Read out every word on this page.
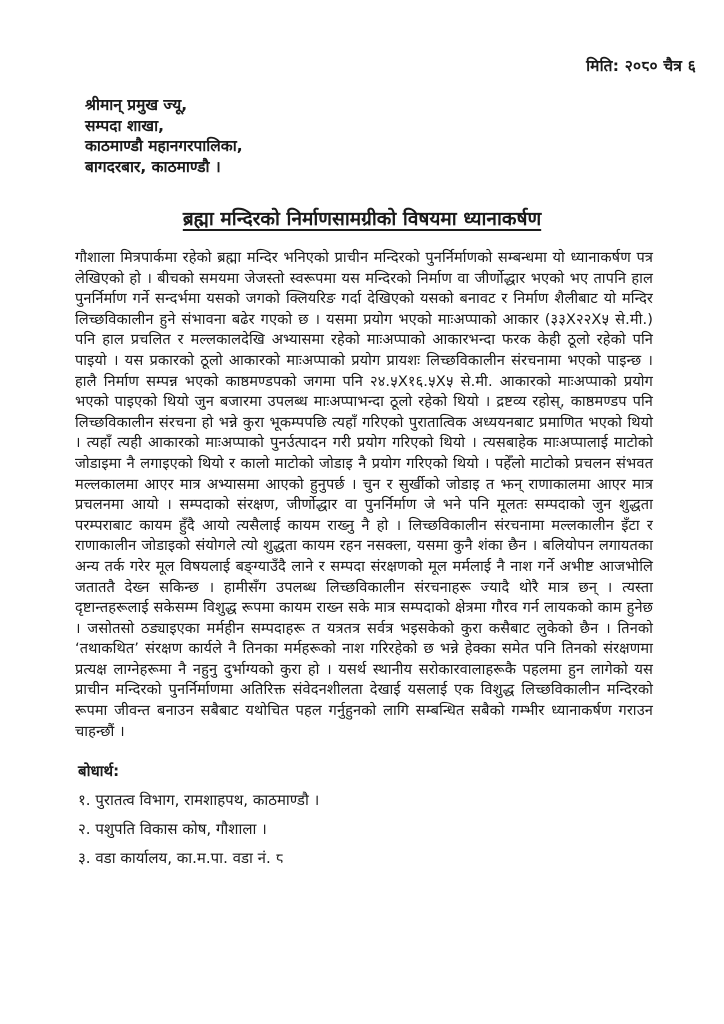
मिति: २०८० चैत्र ६
श्रीमान् प्रमुख ज्यू,
सम्पदा शाखा,
काठमाण्डौ महानगरपालिका,
बागदरबार, काठमाण्डौ ।
ब्रह्मा मन्दिरको निर्माणसामग्रीको विषयमा ध्यानाकर्षण

गौशाला मित्रपार्कमा रहेको ब्रह्मा मन्दिर भनिएको प्राचीन मन्दिरको पुनर्निर्माणको सम्बन्धमा यो ध्यानाकर्षण पत्र लेखिएको हो । बीचको समयमा जेजस्तो स्वरूपमा यस मन्दिरको निर्माण वा जीर्णोद्धार भएको भए तापनि हाल पुनर्निर्माण गर्ने सन्दर्भमा यसको जगको क्लियरिङ गर्दा देखिएको यसको बनावट र निर्माण शैलीबाट यो मन्दिर लिच्छविकालीन हुने संभावना बढेर गएको छ । यसमा प्रयोग भएको माःअप्पाको आकार (३३X२२X५ से.मी.) पनि हाल प्रचलित र मल्लकालदेखि अभ्यासमा रहेको माःअप्पाको आकारभन्दा फरक केही ठूलो रहेको पनि पाइयो । यस प्रकारको ठूलो आकारको माःअप्पाको प्रयोग प्रायशः लिच्छविकालीन संरचनामा भएको पाइन्छ । हालै निर्माण सम्पन्न भएको काष्ठमण्डपको जगमा पनि २४.५X१६.५X५ से.मी. आकारको माःअप्पाको प्रयोग भएको पाइएको थियो जुन बजारमा उपलब्ध माःअप्पाभन्दा ठूलो रहेको थियो । द्रष्टव्य रहोस्, काष्ठमण्डप पनि लिच्छविकालीन संरचना हो भन्ने कुरा भूकम्पपछि त्यहाँ गरिएको पुरातात्विक अध्ययनबाट प्रमाणित भएको थियो । त्यहाँ त्यही आकारको माःअप्पाको पुनर्उत्पादन गरी प्रयोग गरिएको थियो । त्यसबाहेक माःअप्पालाई माटोको जोडाइमा नै लगाइएको थियो र कालो माटोको जोडाइ नै प्रयोग गरिएको थियो । पहेँलो माटोको प्रचलन संभवत मल्लकालमा आएर मात्र अभ्यासमा आएको हुनुपर्छ । चुन र सुर्खीको जोडाइ त झन् राणाकालमा आएर मात्र प्रचलनमा आयो । सम्पदाको संरक्षण, जीर्णोद्धार वा पुनर्निर्माण जे भने पनि मूलतः सम्पदाको जुन शुद्धता परम्पराबाट कायम हुँदै आयो त्यसैलाई कायम राख्नु नै हो । लिच्छविकालीन संरचनामा मल्लकालीन इँटा र राणाकालीन जोडाइको संयोगले त्यो शुद्धता कायम रहन नसक्ला, यसमा कुनै शंका छैन । बलियोपन लगायतका अन्य तर्क गरेर मूल विषयलाई बङ्ग्याउँदै लाने र सम्पदा संरक्षणको मूल मर्मलाई नै नाश गर्ने अभीष्ट आजभोलि जताततै देख्न सकिन्छ । हामीसँग उपलब्ध लिच्छविकालीन संरचनाहरू ज्यादै थोरै मात्र छन् । त्यस्ता दृष्टान्तहरूलाई सकेसम्म विशुद्ध रूपमा कायम राख्न सके मात्र सम्पदाको क्षेत्रमा गौरव गर्न लायकको काम हुनेछ । जसोतसो ठड्याइएका मर्महीन सम्पदाहरू त यत्रतत्र सर्वत्र भइसकेको कुरा कसैबाट लुकेको छैन । तिनको ‘तथाकथित’ संरक्षण कार्यले नै तिनका मर्महरूको नाश गरिरहेको छ भन्ने हेक्का समेत पनि तिनको संरक्षणमा प्रत्यक्ष लाग्नेहरूमा नै नहुनु दुर्भाग्यको कुरा हो । यसर्थ स्थानीय सरोकारवालाहरूकै पहलमा हुन लागेको यस प्राचीन मन्दिरको पुनर्निर्माणमा अतिरिक्त संवेदनशीलता देखाई यसलाई एक विशुद्ध लिच्छविकालीन मन्दिरको रूपमा जीवन्त बनाउन सबैबाट यथोचित पहल गर्नुहुनको लागि सम्बन्धित सबैको गम्भीर ध्यानाकर्षण गराउन चाहन्छौं ।

बोधार्थ:
१. पुरातत्व विभाग, रामशाहपथ, काठमाण्डौ ।
२. पशुपति विकास कोष, गौशाला ।
३. वडा कार्यालय, का.म.पा. वडा नं. ८
